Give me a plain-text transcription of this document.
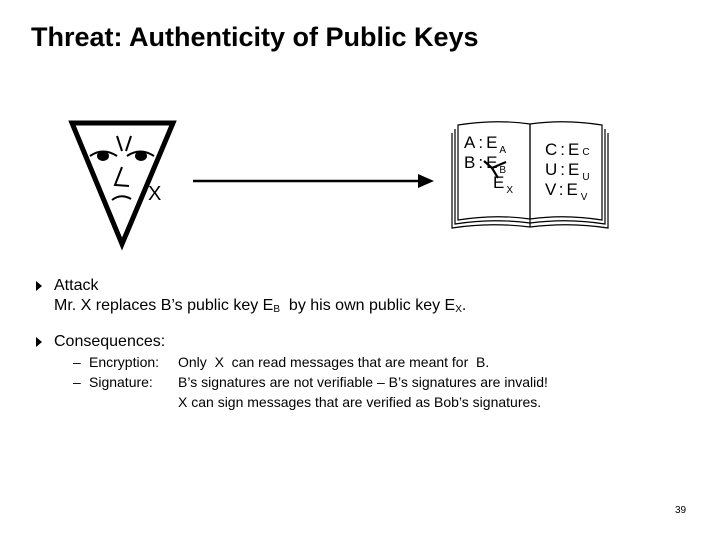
Threat: Authenticity of Public Keys
X
A : E $_A$
B : E $_B$
E $_X$
C : E C
U : E $_U$
V : E $_V$
Attack
Mr. X replaces B’s public key $E_B$  by his own public key $E_X$.
Consequences:
– Encryption: Only  X  can read messages that are meant for  B.
– Signature: B’s signatures are not verifiable – B’s signatures are invalid!
X can sign messages that are verified as Bob’s signatures.
39
